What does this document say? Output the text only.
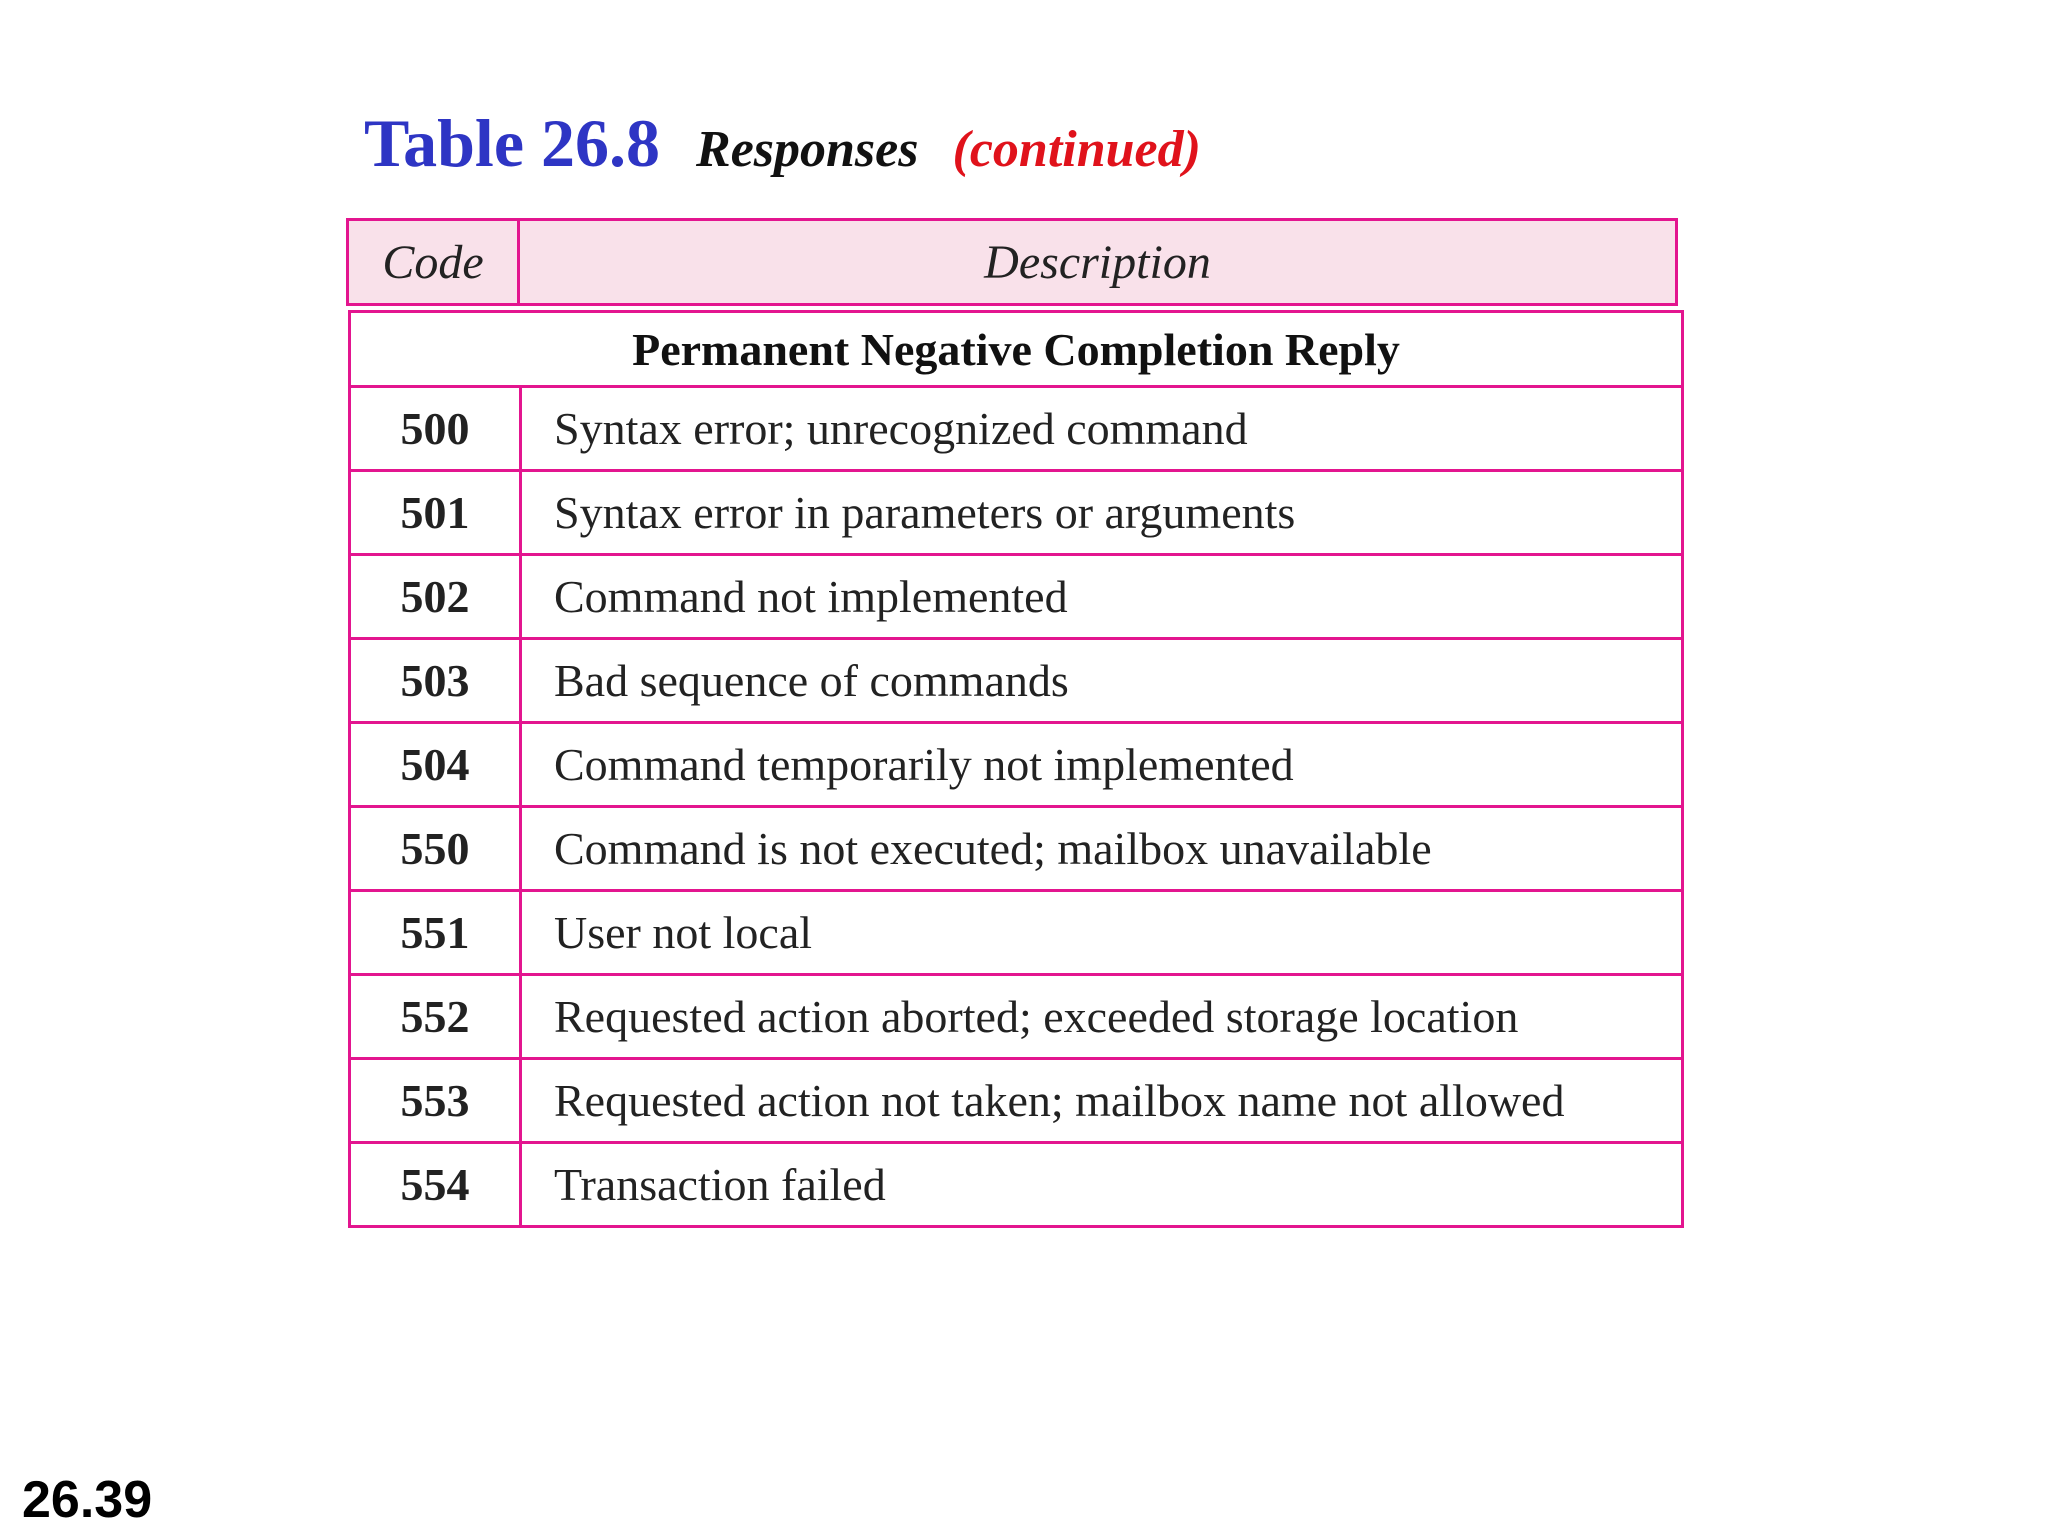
Table 26.8 Responses (continued)
Code	Description
Permanent Negative Completion Reply
500	Syntax error; unrecognized command
501	Syntax error in parameters or arguments
502	Command not implemented
503	Bad sequence of commands
504	Command temporarily not implemented
550	Command is not executed; mailbox unavailable
551	User not local
552	Requested action aborted; exceeded storage location
553	Requested action not taken; mailbox name not allowed
554	Transaction failed
26.39
